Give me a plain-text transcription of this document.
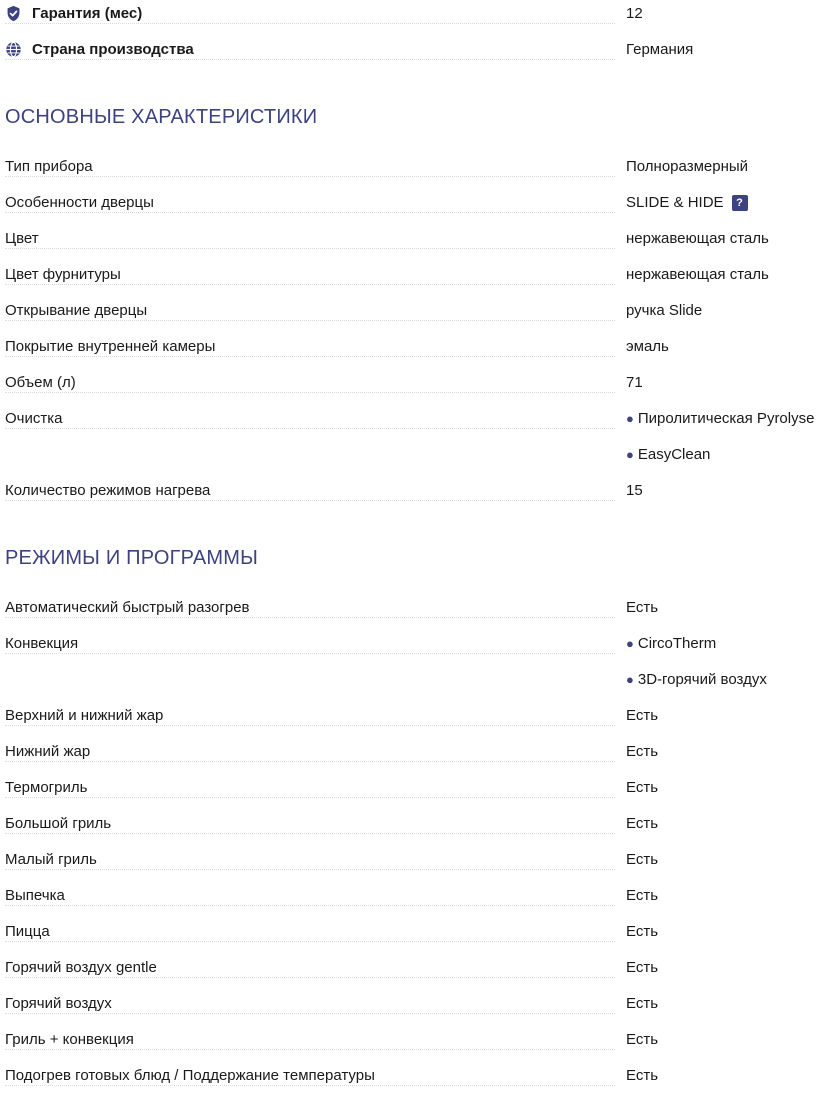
Гарантия (мес)	12
Страна производства	Германия
ОСНОВНЫЕ ХАРАКТЕРИСТИКИ
Тип прибора	Полноразмерный
Особенности дверцы	SLIDE & HIDE ?
Цвет	нержавеющая сталь
Цвет фурнитуры	нержавеющая сталь
Открывание дверцы	ручка Slide
Покрытие внутренней камеры	эмаль
Объем (л)	71
Очистка	● Пиролитическая Pyrolyse
● EasyClean
Количество режимов нагрева	15
РЕЖИМЫ И ПРОГРАММЫ
Автоматический быстрый разогрев	Есть
Конвекция	● CircoTherm
● 3D-горячий воздух
Верхний и нижний жар	Есть
Нижний жар	Есть
Термогриль	Есть
Большой гриль	Есть
Малый гриль	Есть
Выпечка	Есть
Пицца	Есть
Горячий воздух gentle	Есть
Горячий воздух	Есть
Гриль + конвекция	Есть
Подогрев готовых блюд / Поддержание температуры	Есть
